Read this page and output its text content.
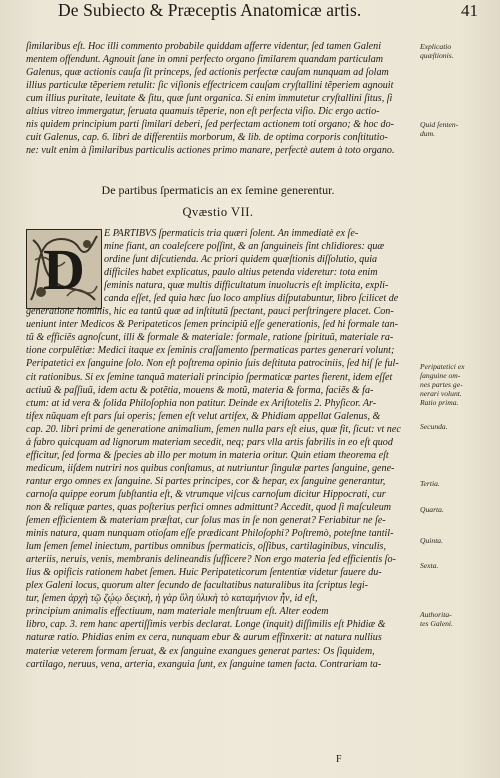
De Subiecto & Præceptis Anatomicæ artis.	41
ſimilaribus eſt. Hoc illi commento probabile quiddam afferre videntur, ſed tamen Galeni
mentem offendunt. Agnouit ſane in omni perfecto organo ſimilarem quandam particulam
Galenus, quæ actionis cauſa ſit princeps, ſed actionis perfectæ cauſam nunquam ad ſolam
illius particulæ tẽperiem retulit: ſic viſionis effectricem cauſam cryſtallini tẽperiem agnouit
cum illius puritate, leuitate & ſitu, quæ ſunt organica. Si enim immutetur cryſtallini ſitus, ſi
altius vitreo immergatur, ſeruata quamuis tẽperie, non eſt perfecta viſio. Dic ergo actio-
nis quidem principium parti ſimilari deberi, ſed perfectam actionem toti organo; & hoc do-
cuit Galenus, cap. 6. libri de differentiis morborum, & lib. de optima corporis conſtitutio-
ne: vult enim à ſimilaribus particulis actiones primo manare, perfectè autem à toto organo.
De partibus ſpermaticis an ex ſemine generentur.
Qvæstio VII.
D
E PARTIBVS ſpermaticis tria quæri ſolent. An immediatè ex ſe-
mine fiant, an coaleſcere poſſint, & an ſanguineis ſint chlidiores: quæ
ordine ſunt diſcutienda. Ac priori quidem quæſtionis diſſolutio, quia
difficiles habet explicatus, paulo altius petenda videretur: tota enim
ſeminis natura, quæ multis difficultatum inuolucris eſt implicita, expli-
canda eſſet, ſed quia hæc ſuo loco amplius diſputabuntur, libro ſcilicet de
generatione hominis, hic ea tantũ quæ ad inſtitutũ ſpectant, pauci perſtringere placet. Con-
ueniunt inter Medicos & Peripateticos ſemen principiũ eſſe generationis, ſed hi formale tan-
tũ & efficiẽs agnoſcunt, illi & formale & materiale: formale, ratione ſpirituũ, materiale ra-
tione corpulẽtiæ: Medici itaque ex ſeminis craſſamento ſpermaticas partes generari volunt;
Peripatetici ex ſanguine ſolo. Non eſt poſtrema opinio ſuis deſtituta patrociniis, ſed hiſ ſe ful-
cit rationibus. Si ex ſemine tanquã materiali principio ſpermaticæ partes fierent, idem eſſet
actiuũ & paſſiuũ, idem actu & potẽtia, mouens & motũ, materia & forma, faciẽs & fa-
ctum: at id vera & ſolida Philoſophia non patitur. Deinde ex Ariſtotelis 2. Phyſicor. Ar-
tifex nũquam eſt pars ſui operis; ſemen eſt velut artifex, & Phidiam appellat Galenus, &
cap. 20. libri primi de generatione animalium, ſemen nulla pars eſt eius, quæ fit, ſicut: vt nec
à fabro quicquam ad lignorum materiam secedit, neq; pars vlla artis fabrilis in eo eſt quod
efficitur, ſed forma & ſpecies ab illo per motum in materia oritur. Quin etiam theorema eſt
medicum, iiſdem nutriri nos quibus conſtamus, at nutriuntur ſingulæ partes ſanguine, gene-
rantur ergo omnes ex ſanguine. Si partes principes, cor & hepar, ex ſanguine generantur,
carnoſa quippe eorum ſubſtantia eſt, & vtrumque viſcus carnoſum dicitur Hippocrati, cur
non & reliquæ partes, quas poſterius perfici omnes admittunt? Accedit, quod ſi maſculeum
ſemen efficientem & materiam præſtat, cur ſolus mas in ſe non generat? Feriabitur ne ſe-
minis natura, quam nunquam otioſam eſſe prædicant Philoſophi? Poſtremò, poteſtne tantil-
lum ſemen ſemel iniectum, partibus omnibus ſpermaticis, oſſibus, cartilaginibus, vinculis,
arteriis, neruis, venis, membranis delineandis ſufficere? Non ergo materia ſed efficientis ſo-
lius & opificis rationem habet ſemen. Huic Peripateticorum ſententiæ videtur fauere du-
plex Galeni locus, quorum alter ſecundo de facultatibus naturalibus ita ſcriptus legi-
tur, ſemen ἀρχὴ τῷ ζῴῳ δεϛικὴ, ἡ γὰρ ὕλη ὑλικὴ τὸ καταμήνιον ἦν, id eſt,
principium animalis effectiuum, nam materiale menſtruum eſt. Alter eodem
libro, cap. 3. rem hanc apertiſſimis verbis declarat. Longe (inquit) diſſimilis eſt Phidiæ &
naturæ ratio. Phidias enim ex cera, nunquam ebur & aurum effinxerit: at natura nullius
materiæ veterem formam ſeruat, & ex ſanguine exangues generat partes: Os ſiquidem,
cartilago, neruus, vena, arteria, exanguia ſunt, ex ſanguine tamen facta. Contrariam ta-
Explicatio
quæſtionis.
Quid ſenten-
dum.
Peripatetici ex
ſanguine om-
nes partes ge-
nerari volunt.
Ratio prima.
Secunda.
Tertia.
Quarta.
Quinta.
Sexta.
Authorita-
tes Galeni.
F
